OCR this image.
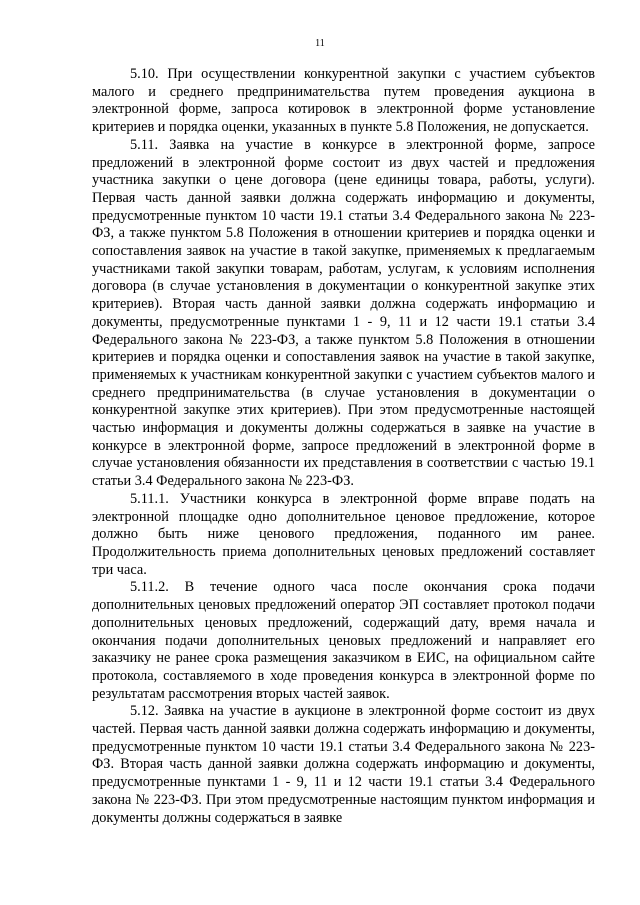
11

5.10. При осуществлении конкурентной закупки с участием субъектов малого и среднего предпринимательства путем проведения аукциона в электронной форме, запроса котировок в электронной форме установление критериев и порядка оценки, указанных в пункте 5.8 Положения, не допускается.

5.11. Заявка на участие в конкурсе в электронной форме, запросе предложений в электронной форме состоит из двух частей и предложения участника закупки о цене договора (цене единицы товара, работы, услуги). Первая часть данной заявки должна содержать информацию и документы, предусмотренные пунктом 10 части 19.1 статьи 3.4 Федерального закона № 223-ФЗ, а также пунктом 5.8 Положения в отношении критериев и порядка оценки и сопоставления заявок на участие в такой закупке, применяемых к предлагаемым участниками такой закупки товарам, работам, услугам, к условиям исполнения договора (в случае установления в документации о конкурентной закупке этих критериев). Вторая часть данной заявки должна содержать информацию и документы, предусмотренные пунктами 1 - 9, 11 и 12 части 19.1 статьи 3.4 Федерального закона № 223-ФЗ, а также пунктом 5.8 Положения в отношении критериев и порядка оценки и сопоставления заявок на участие в такой закупке, применяемых к участникам конкурентной закупки с участием субъектов малого и среднего предпринимательства (в случае установления в документации о конкурентной закупке этих критериев). При этом предусмотренные настоящей частью информация и документы должны содержаться в заявке на участие в конкурсе в электронной форме, запросе предложений в электронной форме в случае установления обязанности их представления в соответствии с частью 19.1 статьи 3.4 Федерального закона № 223-ФЗ.

5.11.1. Участники конкурса в электронной форме вправе подать на электронной площадке одно дополнительное ценовое предложение, которое должно быть ниже ценового предложения, поданного им ранее. Продолжительность приема дополнительных ценовых предложений составляет три часа.

5.11.2. В течение одного часа после окончания срока подачи дополнительных ценовых предложений оператор ЭП составляет протокол подачи дополнительных ценовых предложений, содержащий дату, время начала и окончания подачи дополнительных ценовых предложений и направляет его заказчику не ранее срока размещения заказчиком в ЕИС, на официальном сайте протокола, составляемого в ходе проведения конкурса в электронной форме по результатам рассмотрения вторых частей заявок.

5.12. Заявка на участие в аукционе в электронной форме состоит из двух частей. Первая часть данной заявки должна содержать информацию и документы, предусмотренные пунктом 10 части 19.1 статьи 3.4 Федерального закона № 223-ФЗ. Вторая часть данной заявки должна содержать информацию и документы, предусмотренные пунктами 1 - 9, 11 и 12 части 19.1 статьи 3.4 Федерального закона № 223-ФЗ. При этом предусмотренные настоящим пунктом информация и документы должны содержаться в заявке
